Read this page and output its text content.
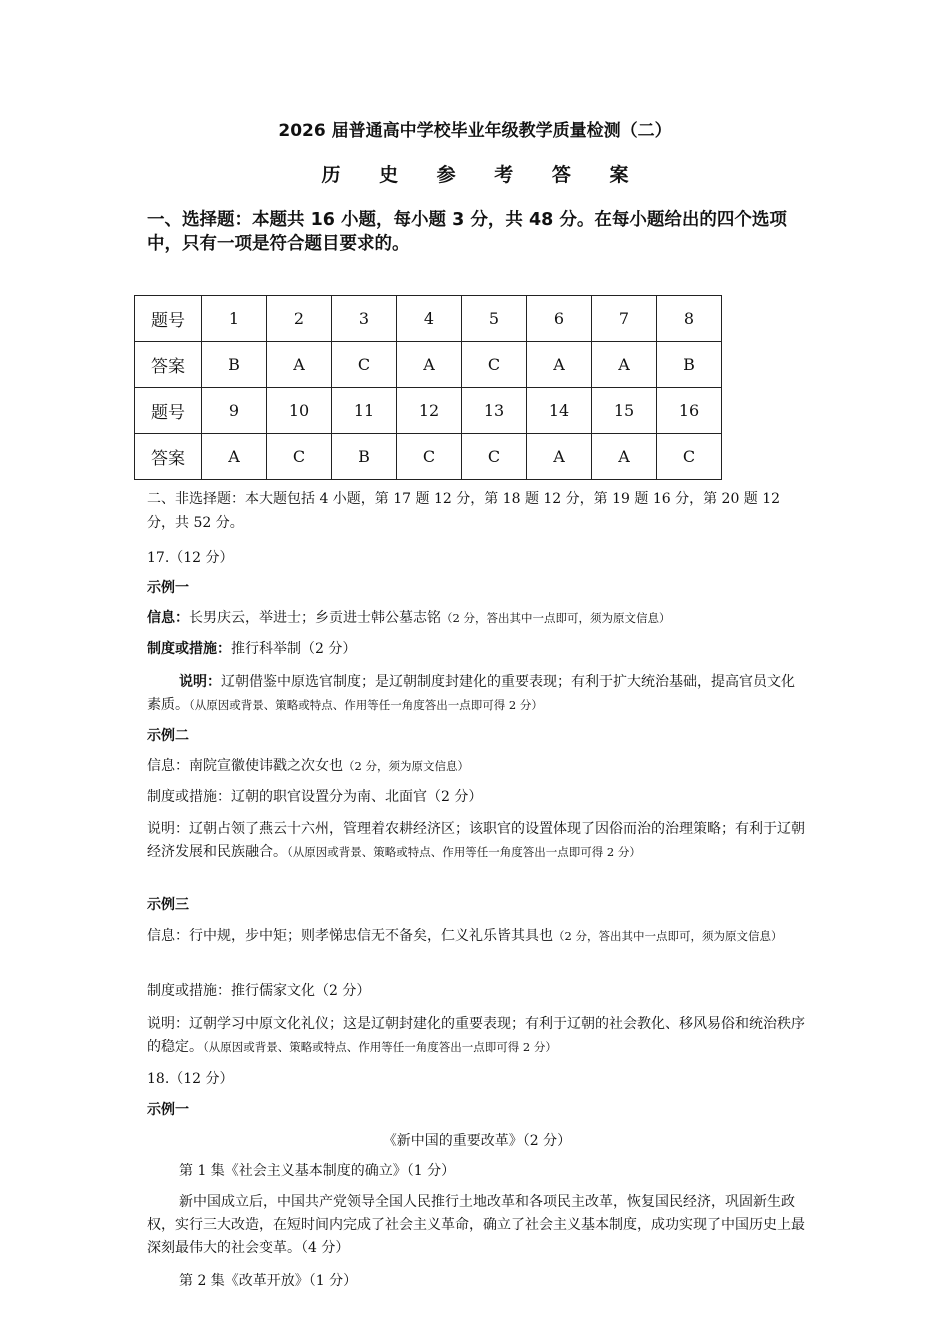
2026 届普通高中学校毕业年级教学质量检测（二）
历 史 参 考 答 案
一、选择题：本题共 16 小题，每小题 3 分，共 48 分。在每小题给出的四个选项中，只有一项是符合题目要求的。
题号	1	2	3	4	5	6	7	8
答案	B	A	C	A	C	A	A	B
题号	9	10	11	12	13	14	15	16
答案	A	C	B	C	C	A	A	C
二、非选择题：本大题包括 4 小题，第 17 题 12 分，第 18 题 12 分，第 19 题 16 分，第 20 题 12 分，共 52 分。
17.（12 分）
示例一
信息：长男庆云，举进士；乡贡进士韩公墓志铭（2 分，答出其中一点即可，须为原文信息）
制度或措施：推行科举制（2 分）
说明：辽朝借鉴中原选官制度；是辽朝制度封建化的重要表现；有利于扩大统治基础，提高官员文化素质。（从原因或背景、策略或特点、作用等任一角度答出一点即可得 2 分）
示例二
信息：南院宣徽使讳戳之次女也（2 分，须为原文信息）
制度或措施：辽朝的职官设置分为南、北面官（2 分）
说明：辽朝占领了燕云十六州，管理着农耕经济区；该职官的设置体现了因俗而治的治理策略；有利于辽朝经济发展和民族融合。（从原因或背景、策略或特点、作用等任一角度答出一点即可得 2 分）
示例三
信息：行中规，步中矩；则孝悌忠信无不备矣，仁义礼乐皆其具也（2 分，答出其中一点即可，须为原文信息）
制度或措施：推行儒家文化（2 分）
说明：辽朝学习中原文化礼仪；这是辽朝封建化的重要表现；有利于辽朝的社会教化、移风易俗和统治秩序的稳定。（从原因或背景、策略或特点、作用等任一角度答出一点即可得 2 分）
18.（12 分）
示例一
《新中国的重要改革》（2 分）
第 1 集《社会主义基本制度的确立》（1 分）
新中国成立后，中国共产党领导全国人民推行土地改革和各项民主改革，恢复国民经济，巩固新生政权，实行三大改造，在短时间内完成了社会主义革命，确立了社会主义基本制度，成功实现了中国历史上最深刻最伟大的社会变革。（4 分）
第 2 集《改革开放》（1 分）
